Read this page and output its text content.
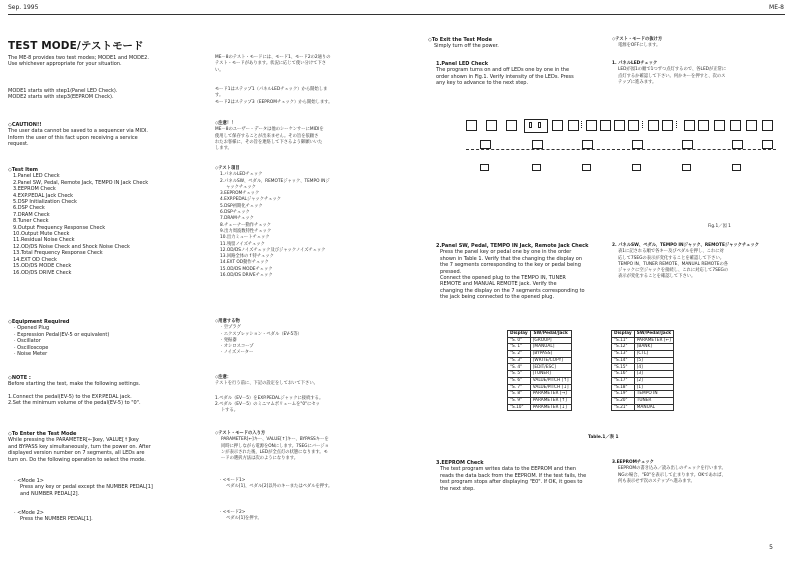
Sep. 1995	ME-8
TEST MODE/テストモード
The ME-8 provides two test modes; MODE1 and MODE2.
Use whichever appropriate for your situation.
MODE1 starts with step1(Panel LED Check).
MODE2 starts with step3(EEPROM Check).
◇CAUTION!!
The user data cannot be saved to a sequencer via MIDI.
Inform the user of this fact upon receiving a service
request.
◇Test Item
1.Panel LED Check
2.Panel SW, Pedal, Remote Jack, TEMPO IN Jack Check
3.EEPROM Check
4.EXP.PEDAL Jack Check
5.DSP Initialization Check
6.DSP Check
7.DRAM Check
8.Tuner Check
9.Output Frequency Response Check
10.Output Mute Check
11.Residual Noise Check
12.OD/DS Noise Check and Shock Noise Check
13.Total Frequency Response Check
14.EXT OD Check
15.OD/DS MODE Check
16.OD/DS DRIVE Check
◇Equipment Required
· Opened Plug
· Expression Pedal(EV-5 or equivalent)
· Oscillator
· Oscilloscope
· Noise Meter
◇NOTE :
Before starting the test, make the following settings.
1.Connect the pedal(EV-5) to the EXP.PEDAL jack.
2.Set the minimum volume of the pedal(EV-5) to "0".
◇To Enter the Test Mode
While pressing the PARAMETER[←]key, VALUE[↑]key
and BYPASS key simultaneously, turn the power on. After
displayed version number on 7 segments, all LEDs are
turn on. Do the following operation to select the mode.
· <Mode 1>
Press any key or pedal except the NUMBER PEDAL[1]
and NUMBER PEDAL[2].
· <Mode 2>
Press the NUMBER PEDAL[1].
ME－8のテスト・モードには、モード1、モード2の2通りの
テスト・モードがあります。状況に応じて使い分けて下さ
い。
モード1はステップ1（パネルLEDチェック）から開始しま
す。
モード2はステップ3（EEPROMチェック）から開始します。
◇注意！！
ME－8のユーザー・データは他のシーケンサーにMIDIを
使用して保存することが出来ません。その旨を依頼さ
れたお客様に、その旨を連絡して下さるよう御願いいた
します。
◇テスト項目
1.パネルLEDチェック
2.パネルSW、ペダル、REMOTEジャック、TEMPO INジ
ャックチェック
3.EEPROMチェック
4.EXP.PEDALジャックチェック
5.DSP初期化チェック
6.DSPチェック
7.DRAMチェック
8.チューナー動作チェック
9.出力周波数特性チェック
10.出力ミュートチェック
11.残留ノイズチェック
12.OD/DSノイズチェック及びジャックノイズチェック
13.回路全体の f 特チェック
14.EXT OD動作チェック
15.OD/DS MODEチェック
16.OD/DS DRIVEチェック
◇用意する物
· 空プラグ
· エクスプレッション・ペダル（EV-5等）
· 発振器
· オシロスコープ
· ノイズメーター
◇注意：
テストを行う前に、下記の設定をしておいて下さい。
1.ペダル（EV－5）をEXP.PEDALジャックに接続する。
2.ペダル（EV－5）のミニマムボリュームを"0"にセッ
トする。
◇テスト・モードの入り方
PARAMETER[←]キー、VALUE[↑]キー、BYPASSキーを
同時に押しながら電源をONにします。7SEGにバージョ
ンが表示された後、LEDが全点灯の状態になります。モ
ードの選択方法は次のようになります。
· <モード1>
ペダル[1]、ペダル[2]以外のキーまたはペダルを押す。
· <モード2>
ペダル[1]を押す。
◇To Exit the Test Mode
Simply turn off the power.
1.Panel LED Check
The program turns on and off LEDs one by one in the
order shown in Fig.1. Verify intensity of the LEDs. Press
any key to advance to the next step.
◇テスト・モードの抜け方
電源をOFFにします。
1. パネルLEDチェック
LEDが図1の順で1つずつ点灯するので、各LEDが正常に
点灯するか確認して下さい。何かキーを押すと、次のス
テップに進みます。
Fig.1／図 1
2.Panel SW, Pedal, TEMPO IN Jack, Remote Jack Check
Press the panel key or pedal one by one in the order
shown in Table 1. Verify that the changing the display on
the 7 segments corresponding to the key or pedal being
pressed.
Connect the opened plug to the TEMPO IN, TUNER
REMOTE and MANUAL REMOTE jack. Verify the
changing the display on the 7 segments corresponding to
the jack being connected to the opened plug.
2. パネルSW、ペダル、TEMPO INジャック、REMOTEジャックチェック
表1に記される順で各キー及びペダルを押し、これに対
応して7SEGの表示が変化することを確認して下さい。
TEMPO IN、TUNER REMOTE、MANUAL REMOTEの各
ジャックに空ジャックを接続し、これに対応して7SEGの
表示が変化することを確認して下さい。
Display	SW/Pedal/Jack
"S. 0"	[GROUP]
"S. 1"	[MANUAL]
"S. 2"	[BYPASS]
"S. 3"	[WRITE/COPY]
"S. 4"	[EDIT/ESC]
"S. 5"	[TUNER]
"S. 6"	VALUE/PITCH [↑]
"S. 7"	VALUE/PITCH [↓]
"S. 8"	PARAMETER [→]
"S. 9"	PARAMETER [↑]
"S.10"	PARAMETER [↓]
Display	SW/Pedal/Jack
"S.11"	PARAMETER [←]
"S.12"	[BANK]
"S.13"	[CTL]
"S.14"	[5]
"S.15"	[4]
"S.16"	[3]
"S.17"	[2]
"S.18"	[1]
"S.19"	TEMPO IN
"S.20"	TUNER
"S.21"	MANUAL
Table.1／表 1
3.EEPROM Check
The test program writes data to the EEPROM and then
reads the data back from the EEPROM. If the test fails, the
test program stops after displaying "E0". If OK, it goes to
the next step.
3.EEPROMチェック
EEPROMの書き込み／読み出しのチェックを行います。
NGの場合、"E0"を表示して止まります。OKであれば、
何も表示せず次のステップへ進みます。
5
